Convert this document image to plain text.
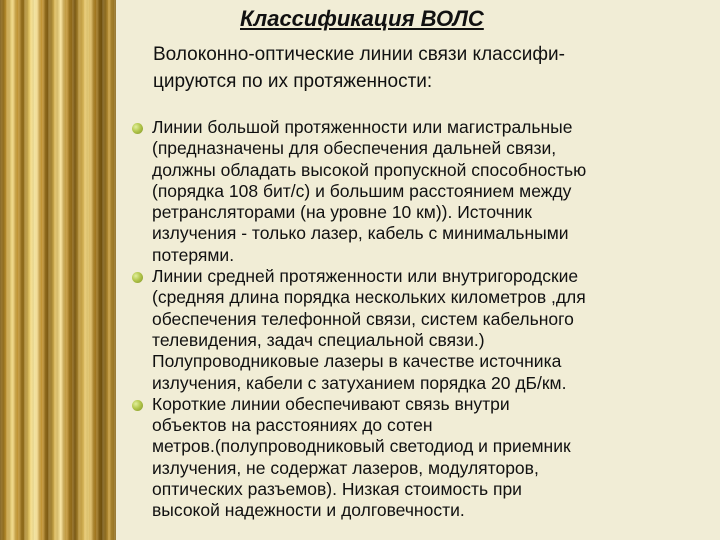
Классификация ВОЛС
Волоконно-оптические линии связи классифи-
цируются по их протяженности:
Линии большой протяженности или магистральные
(предназначены для обеспечения дальней связи,
должны обладать высокой пропускной способностью
(порядка 108 бит/с) и большим расстоянием между
ретрансляторами (на уровне 10 км)). Источник
излучения - только лазер, кабель с минимальными
потерями.
Линии средней протяженности или внутригородские
(средняя длина порядка нескольких километров ,для
обеспечения телефонной связи, систем кабельного
телевидения, задач специальной связи.)
Полупроводниковые лазеры в качестве источника
излучения, кабели с затуханием порядка 20 дБ/км.
Короткие линии обеспечивают связь внутри
объектов на расстояниях до сотен
метров.(полупроводниковый светодиод и приемник
излучения, не содержат лазеров, модуляторов,
оптических разъемов). Низкая стоимость при
высокой надежности и долговечности.
